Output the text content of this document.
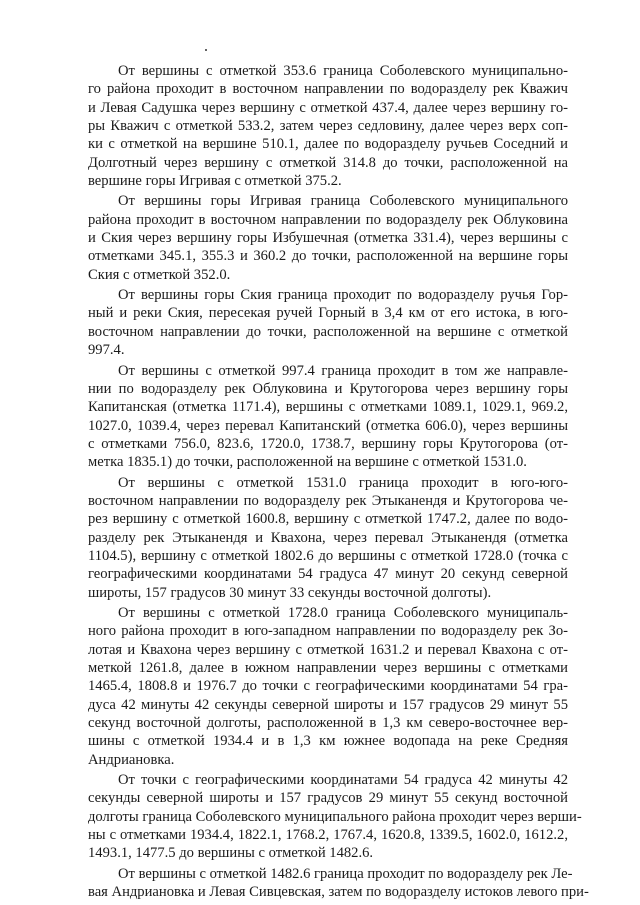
От вершины с отметкой 353.6 граница Соболевского муниципально-
го района проходит в восточном направлении по водоразделу рек Кважич
и Левая Садушка через вершину с отметкой 437.4, далее через вершину го-
ры Кважич с отметкой 533.2, затем через седловину, далее через верх соп-
ки с отметкой на вершине 510.1, далее по водоразделу ручьев Соседний и
Долготный через вершину с отметкой 314.8 до точки, расположенной на
вершине горы Игривая с отметкой 375.2.

От вершины горы Игривая граница Соболевского муниципального
района проходит в восточном направлении по водоразделу рек Облуковина
и Ския через вершину горы Избушечная (отметка 331.4), через вершины с
отметками 345.1, 355.3 и 360.2 до точки, расположенной на вершине горы
Ския с отметкой 352.0.

От вершины горы Ския граница проходит по водоразделу ручья Гор-
ный и реки Ския, пересекая ручей Горный в 3,4 км от его истока, в юго-
восточном направлении до точки, расположенной на вершине с отметкой
997.4.

От вершины с отметкой 997.4 граница проходит в том же направле-
нии по водоразделу рек Облуковина и Крутогорова через вершину горы
Капитанская (отметка 1171.4), вершины с отметками 1089.1, 1029.1, 969.2,
1027.0, 1039.4, через перевал Капитанский (отметка 606.0), через вершины
с отметками 756.0, 823.6, 1720.0, 1738.7, вершину горы Крутогорова (от-
метка 1835.1) до точки, расположенной на вершине с отметкой 1531.0.

От вершины с отметкой 1531.0 граница проходит в юго-юго-
восточном направлении по водоразделу рек Этыканендя и Крутогорова че-
рез вершину с отметкой 1600.8, вершину с отметкой 1747.2, далее по водо-
разделу рек Этыканендя и Квахона, через перевал Этыканендя (отметка
1104.5), вершину с отметкой 1802.6 до вершины с отметкой 1728.0 (точка с
географическими координатами 54 градуса 47 минут 20 секунд северной
широты, 157 градусов 30 минут 33 секунды восточной долготы).

От вершины с отметкой 1728.0 граница Соболевского муниципаль-
ного района проходит в юго-западном направлении по водоразделу рек Зо-
лотая и Квахона через вершину с отметкой 1631.2 и перевал Квахона с от-
меткой 1261.8, далее в южном направлении через вершины с отметками
1465.4, 1808.8 и 1976.7 до точки с географическими координатами 54 гра-
дуса 42 минуты 42 секунды северной широты и 157 градусов 29 минут 55
секунд восточной долготы, расположенной в 1,3 км северо-восточнее вер-
шины с отметкой 1934.4 и в 1,3 км южнее водопада на реке Средняя
Андриановка.

От точки с географическими координатами 54 градуса 42 минуты 42
секунды северной широты и 157 градусов 29 минут 55 секунд восточной
долготы граница Соболевского муниципального района проходит через верши-
ны с отметками 1934.4, 1822.1, 1768.2, 1767.4, 1620.8, 1339.5, 1602.0, 1612.2,
1493.1, 1477.5 до вершины с отметкой 1482.6.

От вершины с отметкой 1482.6 граница проходит по водоразделу рек Ле-
вая Андриановка и Левая Сивцевская, затем по водоразделу истоков левого при-
